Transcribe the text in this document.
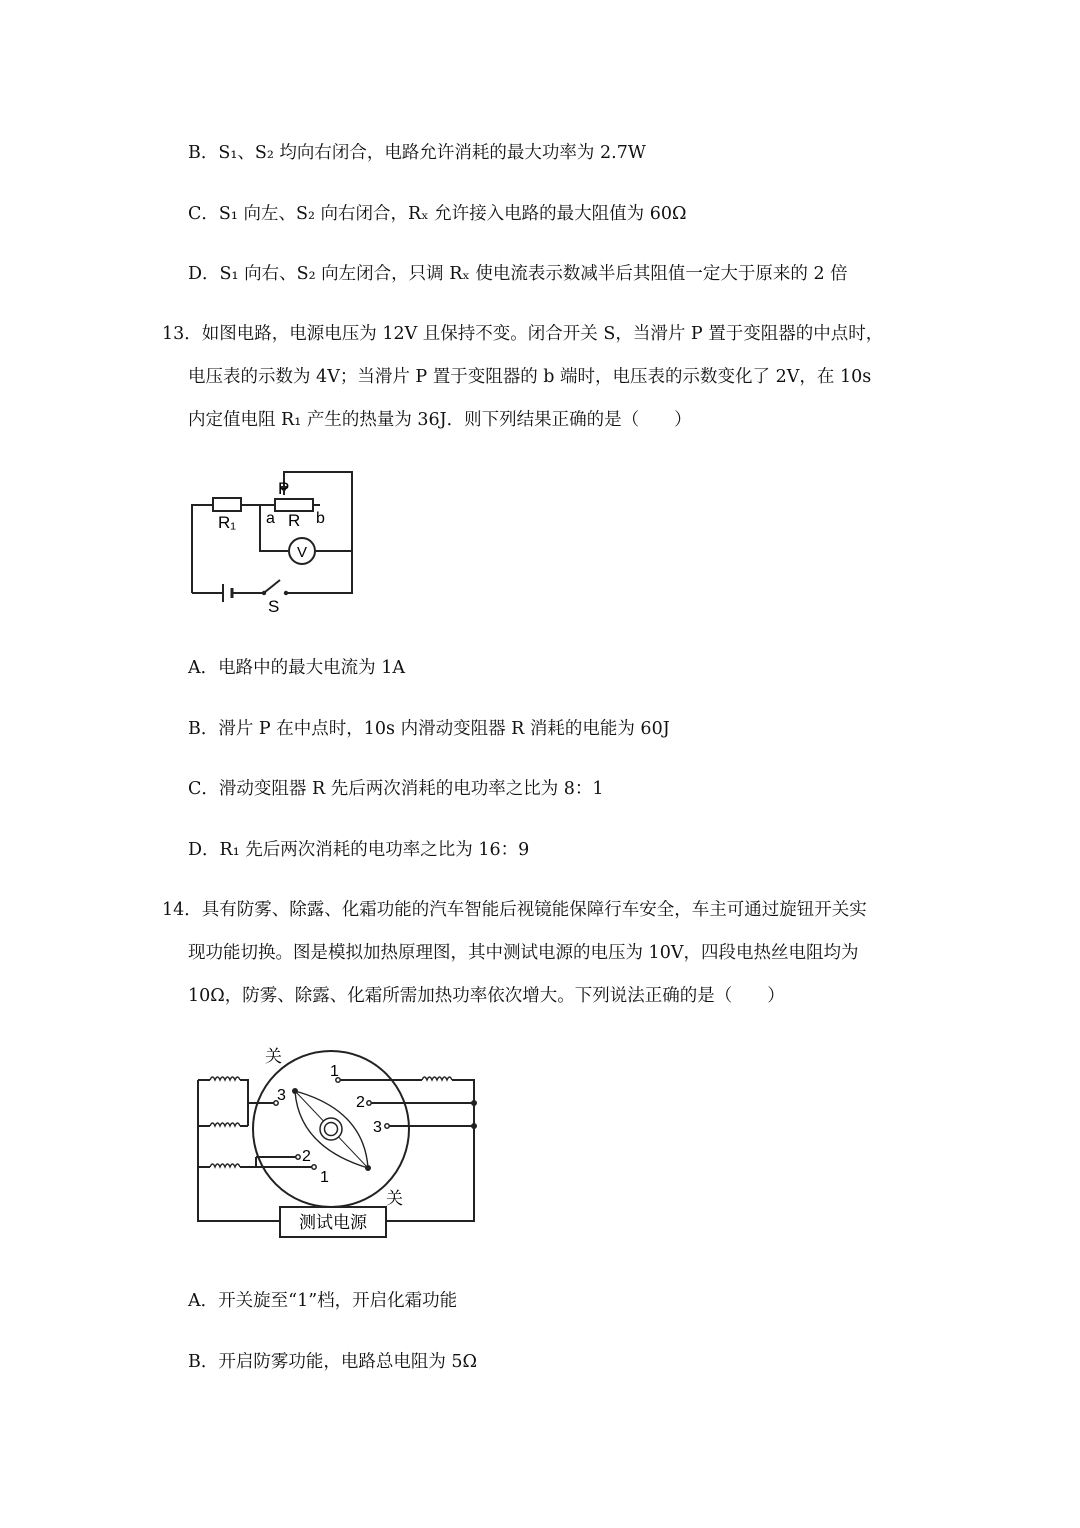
B．S₁、S₂ 均向右闭合，电路允许消耗的最大功率为 2.7W
C．S₁ 向左、S₂ 向右闭合，Rₓ 允许接入电路的最大阻值为 60Ω
D．S₁ 向右、S₂ 向左闭合，只调 Rₓ 使电流表示数减半后其阻值一定大于原来的 2 倍
13．如图电路，电源电压为 12V 且保持不变。闭合开关 S，当滑片 P 置于变阻器的中点时，
电压表的示数为 4V；当滑片 P 置于变阻器的 b 端时，电压表的示数变化了 2V，在 10s
内定值电阻 R₁ 产生的热量为 36J．则下列结果正确的是（　　）
P
R₁ a R b
V
S
A．电路中的最大电流为 1A
B．滑片 P 在中点时，10s 内滑动变阻器 R 消耗的电能为 60J
C．滑动变阻器 R 先后两次消耗的电功率之比为 8：1
D．R₁ 先后两次消耗的电功率之比为 16：9
14．具有防雾、除露、化霜功能的汽车智能后视镜能保障行车安全，车主可通过旋钮开关实
现功能切换。图是模拟加热原理图，其中测试电源的电压为 10V，四段电热丝电阻均为
10Ω，防雾、除露、化霜所需加热功率依次增大。下列说法正确的是（　　）
测试电源
关
关
1
2
3
3
2
1
A．开关旋至“1”档，开启化霜功能
B．开启防雾功能，电路总电阻为 5Ω
